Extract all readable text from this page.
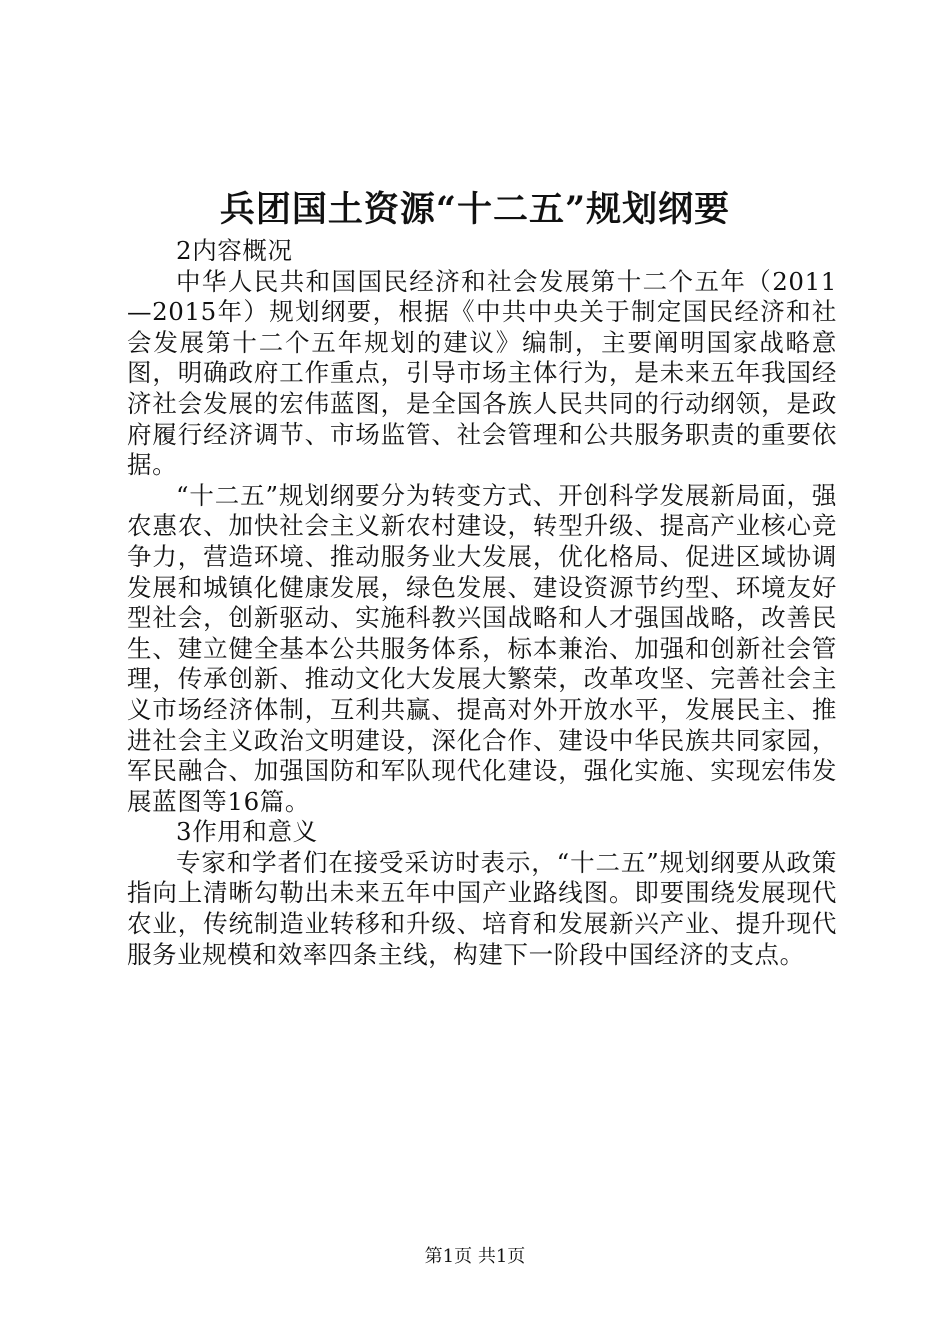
兵团国土资源“十二五”规划纲要

2内容概况

中华人民共和国国民经济和社会发展第十二个五年（2011—2015年）规划纲要，根据《中共中央关于制定国民经济和社会发展第十二个五年规划的建议》编制，主要阐明国家战略意图，明确政府工作重点，引导市场主体行为，是未来五年我国经济社会发展的宏伟蓝图，是全国各族人民共同的行动纲领，是政府履行经济调节、市场监管、社会管理和公共服务职责的重要依据。

“十二五”规划纲要分为转变方式、开创科学发展新局面，强农惠农、加快社会主义新农村建设，转型升级、提高产业核心竞争力，营造环境、推动服务业大发展，优化格局、促进区域协调发展和城镇化健康发展，绿色发展、建设资源节约型、环境友好型社会，创新驱动、实施科教兴国战略和人才强国战略，改善民生、建立健全基本公共服务体系，标本兼治、加强和创新社会管理，传承创新、推动文化大发展大繁荣，改革攻坚、完善社会主义市场经济体制，互利共赢、提高对外开放水平，发展民主、推进社会主义政治文明建设，深化合作、建设中华民族共同家园，军民融合、加强国防和军队现代化建设，强化实施、实现宏伟发展蓝图等16篇。

3作用和意义

专家和学者们在接受采访时表示，“十二五”规划纲要从政策指向上清晰勾勒出未来五年中国产业路线图。即要围绕发展现代农业，传统制造业转移和升级、培育和发展新兴产业、提升现代服务业规模和效率四条主线，构建下一阶段中国经济的支点。

第1页 共1页
